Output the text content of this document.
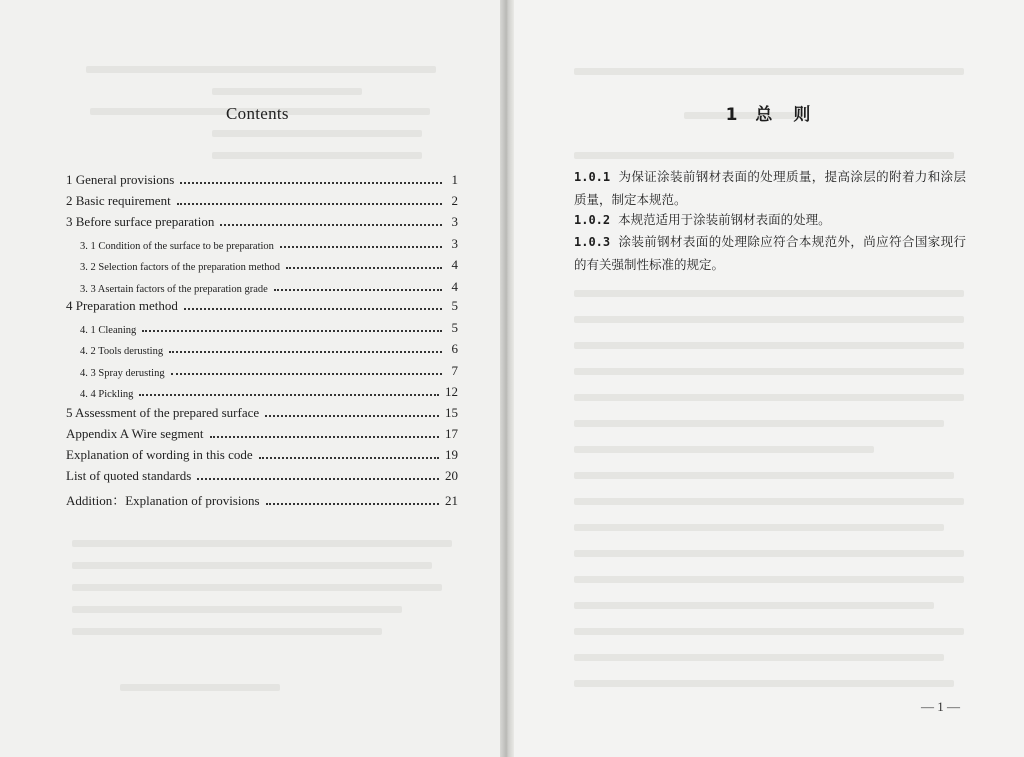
Contents
1 General provisions	1
2 Basic requirement	2
3 Before surface preparation	3
3. 1 Condition of the surface to be preparation	3
3. 2 Selection factors of the preparation method	4
3. 3 Asertain factors of the preparation grade	4
4 Preparation method	5
4. 1 Cleaning	5
4. 2 Tools derusting	6
4. 3 Spray derusting	7
4. 4 Pickling	12
5 Assessment of the prepared surface	15
Appendix A Wire segment	17
Explanation of wording in this code	19
List of quoted standards	20
Addition：Explanation of provisions	21
1 总　则
1.0.1 为保证涂装前钢材表面的处理质量，提高涂层的附着力和涂层质量，制定本规范。
1.0.2 本规范适用于涂装前钢材表面的处理。
1.0.3 涂装前钢材表面的处理除应符合本规范外，尚应符合国家现行的有关强制性标准的规定。
— 1 —
